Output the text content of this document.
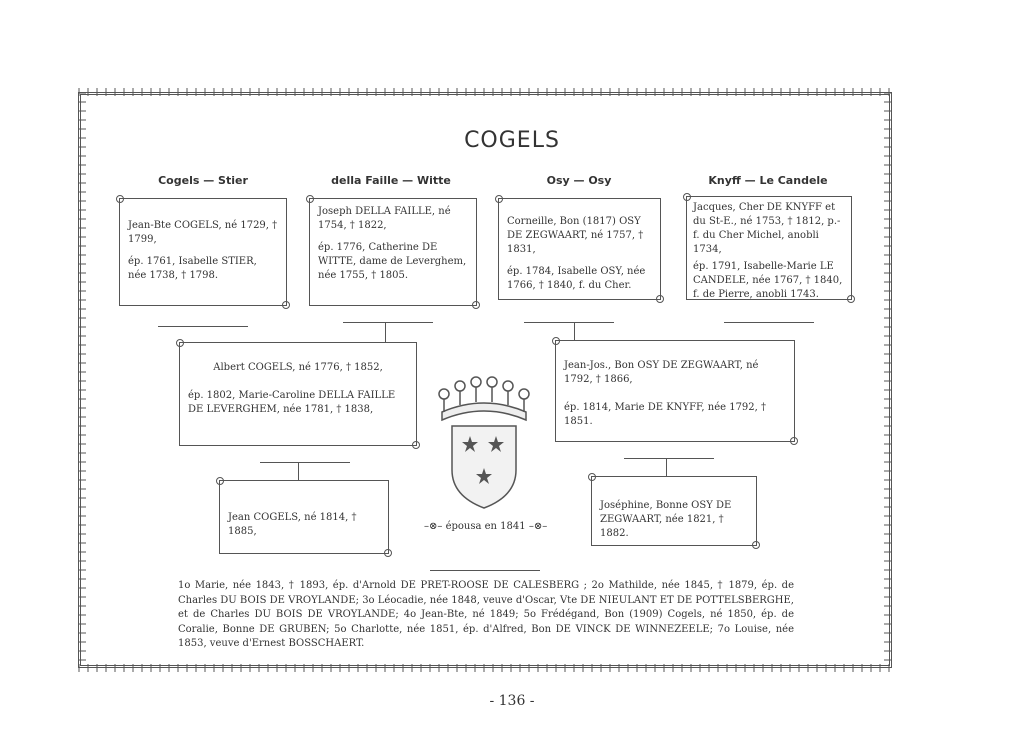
COGELS
Cogels — Stier	della Faille — Witte	Osy — Osy	Knyff — Le Candele

Jean-Bte COGELS, né 1729, † 1799,

ép. 1761, Isabelle STIER, née 1738, † 1798.

Joseph DELLA FAILLE, né 1754, † 1822,

ép. 1776, Catherine DE WITTE, dame de Leverghem, née 1755, † 1805.

Corneille, Bon (1817) OSY DE ZEGWAART, né 1757, † 1831,

ép. 1784, Isabelle OSY, née 1766, † 1840, f. du Cher.

Jacques, Cher DE KNYFF et du St-E., né 1753, † 1812, p.-f. du Cher Michel, anobli 1734,

ép. 1791, Isabelle-Marie LE CANDELE, née 1767, † 1840, f. de Pierre, anobli 1743.

Albert COGELS, né 1776, † 1852,

ép. 1802, Marie-Caroline DELLA FAILLE DE LEVERGHEM, née 1781, † 1838,

Jean-Jos., Bon OSY DE ZEGWAART, né 1792, † 1866,

ép. 1814, Marie DE KNYFF, née 1792, † 1851.

Jean COGELS, né 1814, † 1885,

Joséphine, Bonne OSY DE ZEGWAART, née 1821, † 1882.

–⊗– épousa en 1841 –⊗–
1o Marie, née 1843, † 1893, ép. d'Arnold DE PRET-ROOSE DE CALESBERG ; 2o Mathilde, née 1845, † 1879, ép. de Charles DU BOIS DE VROYLANDE; 3o Léocadie, née 1848, veuve d'Oscar, Vte DE NIEULANT ET DE POTTELSBERGHE, et de Charles DU BOIS DE VROYLANDE; 4o Jean-Bte, né 1849; 5o Frédégand, Bon (1909) Cogels, né 1850, ép. de Coralie, Bonne DE GRUBEN; 5o Charlotte, née 1851, ép. d'Alfred, Bon DE VINCK DE WINNEZEELE; 7o Louise, née 1853, veuve d'Ernest BOSSCHAERT.
- 136 -
